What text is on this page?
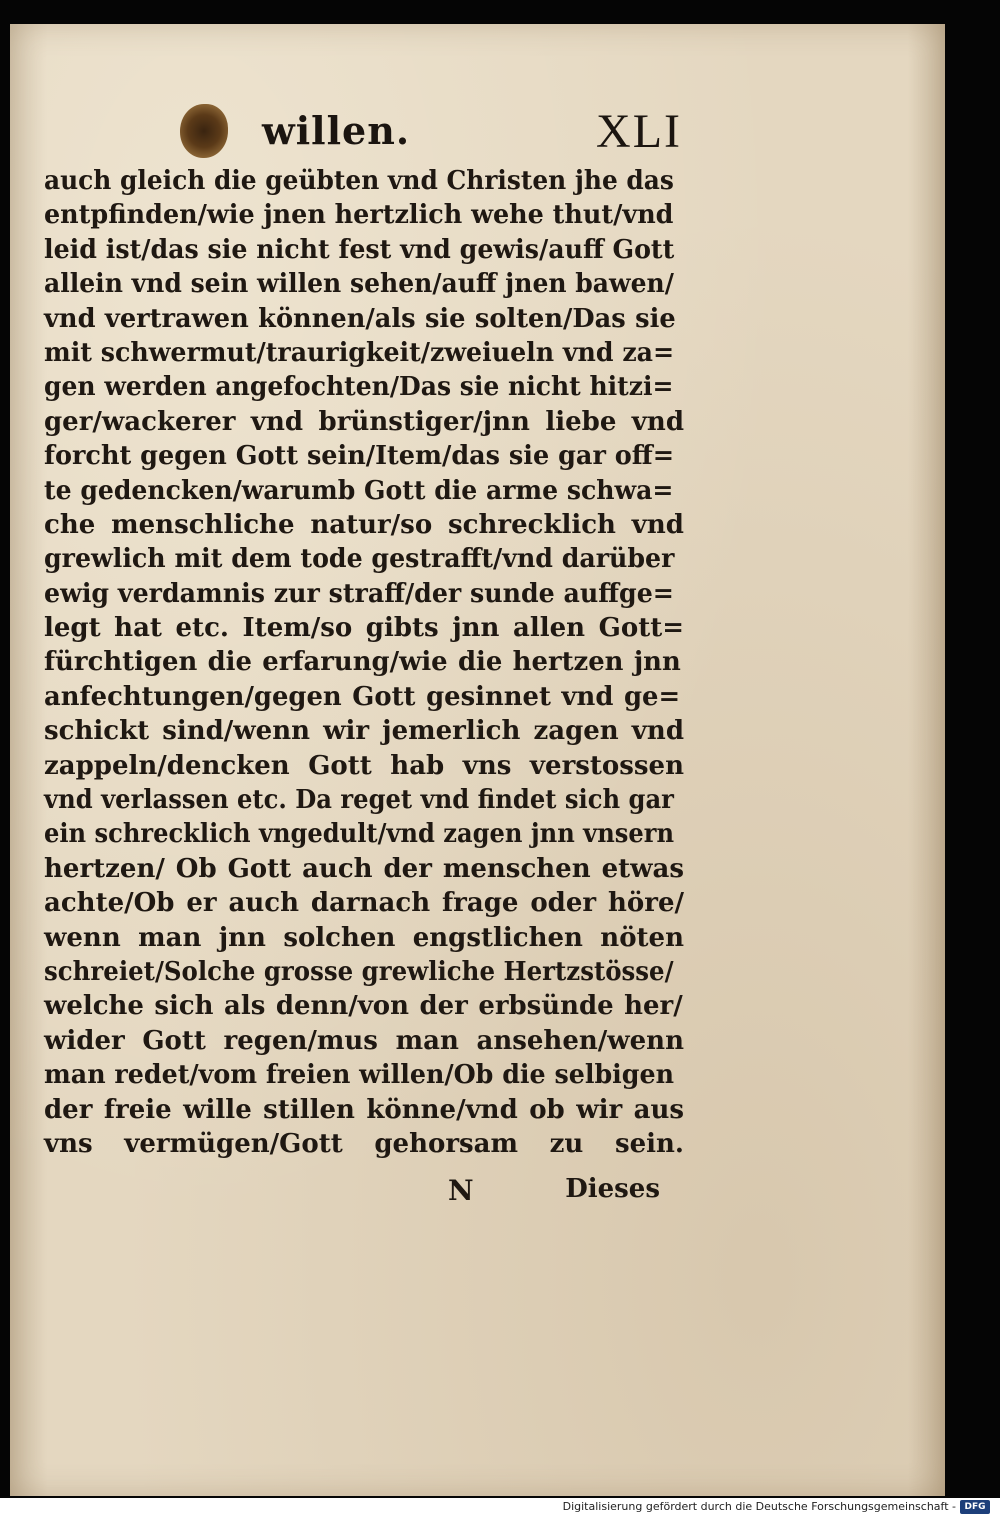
willen.	XLI
auch gleich die geübten vnd Christen jhe das
entpfinden/wie jnen hertzlich wehe thut/vnd
leid ist/das sie nicht fest vnd gewis/auff Gott
allein vnd sein willen sehen/auff jnen bawen/
vnd vertrawen können/als sie solten/Das sie
mit schwermut/traurigkeit/zweiueln vnd za=
gen werden angefochten/Das sie nicht hitzi=
ger/wackerer vnd brünstiger/jnn liebe vnd
forcht gegen Gott sein/Item/das sie gar off=
te gedencken/warumb Gott die arme schwa=
che menschliche natur/so schrecklich vnd
grewlich mit dem tode gestrafft/vnd darüber
ewig verdamnis zur straff/der sunde auffge=
legt hat etc. Item/so gibts jnn allen Gott=
fürchtigen die erfarung/wie die hertzen jnn
anfechtungen/gegen Gott gesinnet vnd ge=
schickt sind/wenn wir jemerlich zagen vnd
zappeln/dencken Gott hab vns verstossen
vnd verlassen etc. Da reget vnd findet sich gar
ein schrecklich vngedult/vnd zagen jnn vnsern
hertzen/ Ob Gott auch der menschen etwas
achte/Ob er auch darnach frage oder höre/
wenn man jnn solchen engstlichen nöten
schreiet/Solche grosse grewliche Hertzstösse/
welche sich als denn/von der erbsünde her/
wider Gott regen/mus man ansehen/wenn
man redet/vom freien willen/Ob die selbigen
der freie wille stillen könne/vnd ob wir aus
vns vermügen/Gott gehorsam zu sein.
N	Dieses
Digitalisierung gefördert durch die Deutsche Forschungsgemeinschaft - DFG
